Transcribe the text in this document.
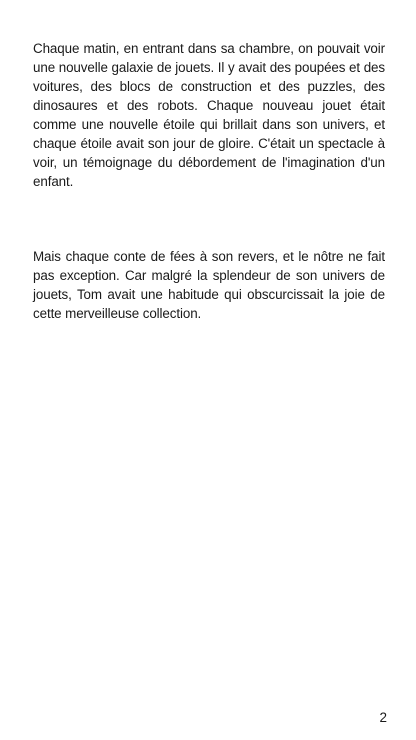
Chaque matin, en entrant dans sa chambre, on pouvait voir une nouvelle galaxie de jouets. Il y avait des poupées et des voitures, des blocs de construction et des puzzles, des dinosaures et des robots. Chaque nouveau jouet était comme une nouvelle étoile qui brillait dans son univers, et chaque étoile avait son jour de gloire. C'était un spectacle à voir, un témoignage du débordement de l'imagination d'un enfant.

Mais chaque conte de fées à son revers, et le nôtre ne fait pas exception. Car malgré la splendeur de son univers de jouets, Tom avait une habitude qui obscurcissait la joie de cette merveilleuse collection.

2
